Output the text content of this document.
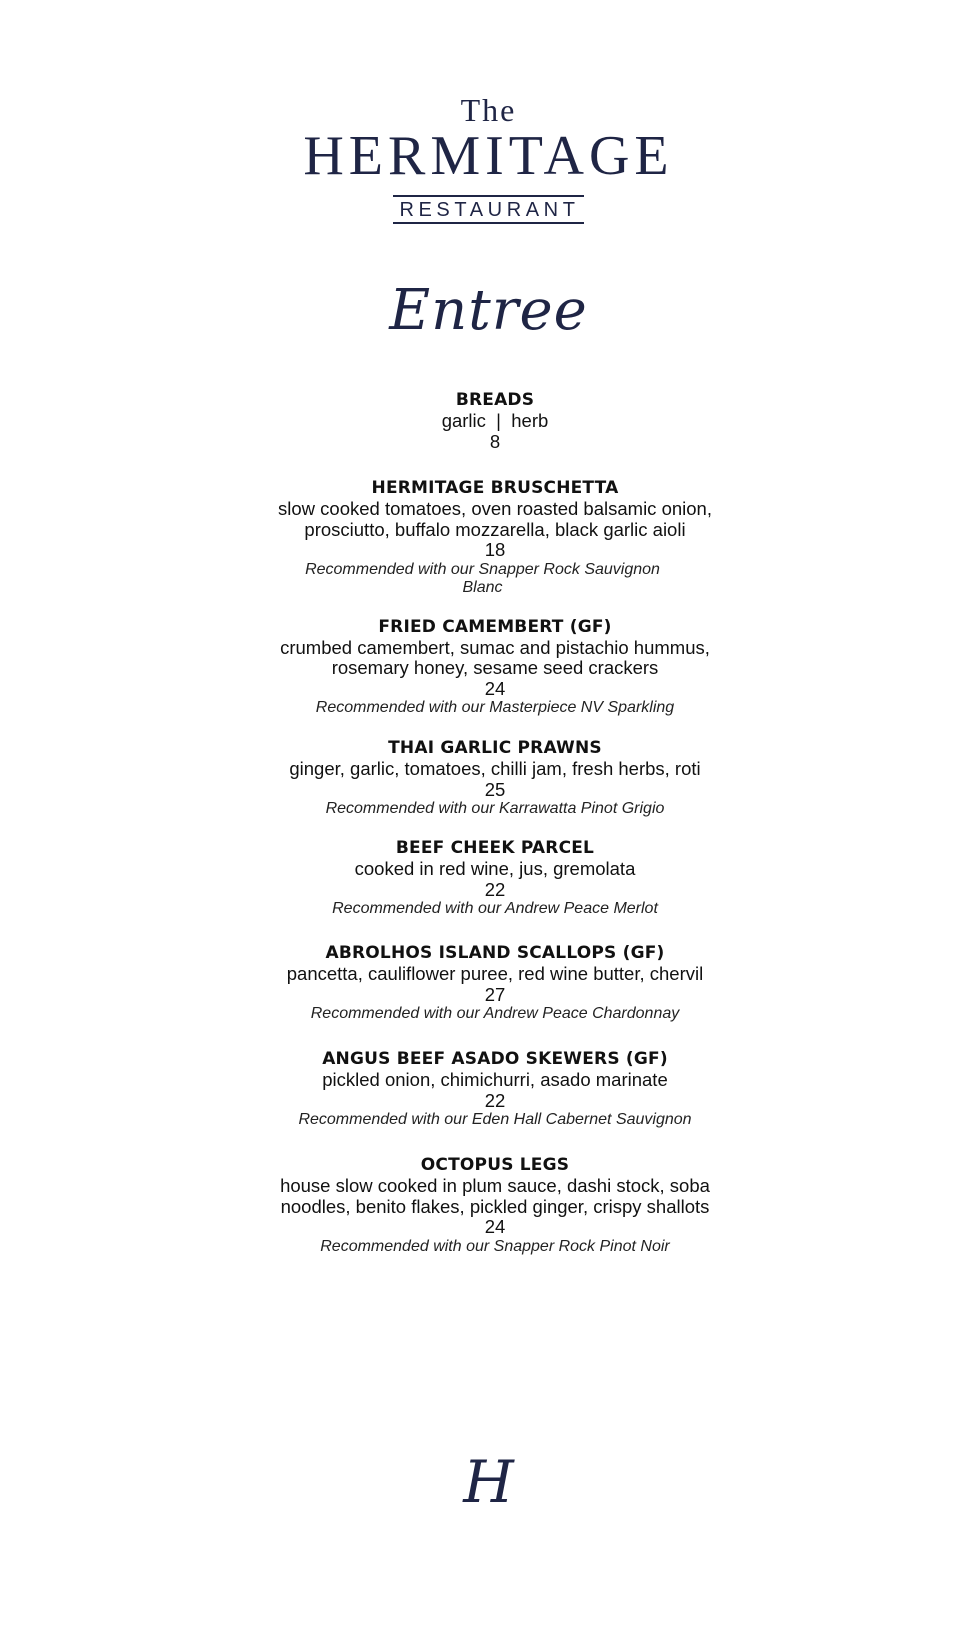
The
HERMITAGE
RESTAURANT
Entree
BREADS
garlic  |  herb
8
HERMITAGE BRUSCHETTA
slow cooked tomatoes, oven roasted balsamic onion, prosciutto, buffalo mozzarella, black garlic aioli
18
Recommended with our Snapper Rock Sauvignon Blanc
FRIED CAMEMBERT (GF)
crumbed camembert, sumac and pistachio hummus, rosemary honey, sesame seed crackers
24
Recommended with our Masterpiece NV Sparkling
THAI GARLIC PRAWNS
ginger, garlic, tomatoes, chilli jam, fresh herbs, roti
25
Recommended with our Karrawatta Pinot Grigio
BEEF CHEEK PARCEL
cooked in red wine, jus, gremolata
22
Recommended with our Andrew Peace Merlot
ABROLHOS ISLAND SCALLOPS (GF)
pancetta, cauliflower puree, red wine butter, chervil
27
Recommended with our Andrew Peace Chardonnay
ANGUS BEEF ASADO SKEWERS (GF)
pickled onion, chimichurri, asado marinate
22
Recommended with our Eden Hall Cabernet Sauvignon
OCTOPUS LEGS
house slow cooked in plum sauce, dashi stock, soba noodles, benito flakes, pickled ginger, crispy shallots
24
Recommended with our Snapper Rock Pinot Noir
H
